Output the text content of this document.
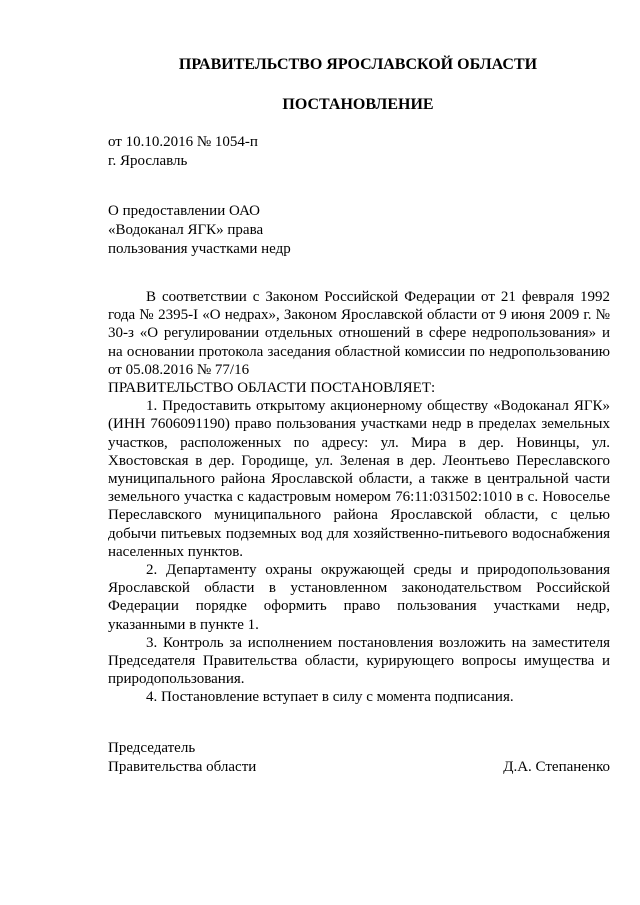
ПРАВИТЕЛЬСТВО ЯРОСЛАВСКОЙ ОБЛАСТИ
ПОСТАНОВЛЕНИЕ
от 10.10.2016 № 1054-п
г. Ярославль
О предоставлении ОАО
«Водоканал ЯГК» права
пользования участками недр

В соответствии с Законом Российской Федерации от 21 февраля 1992 года № 2395-I «О недрах», Законом Ярославской области от 9 июня 2009 г. № 30-з «О регулировании отдельных отношений в сфере недропользования» и на основании протокола заседания областной комиссии по недропользованию от 05.08.2016 № 77/16

ПРАВИТЕЛЬСТВО ОБЛАСТИ ПОСТАНОВЛЯЕТ:

1. Предоставить открытому акционерному обществу «Водоканал ЯГК» (ИНН 7606091190) право пользования участками недр в пределах земельных участков, расположенных по адресу: ул. Мира в дер. Новинцы, ул. Хвостовская в дер. Городище, ул. Зеленая в дер. Леонтьево Переславского муниципального района Ярославской области, а также в центральной части земельного участка с кадастровым номером 76:11:031502:1010 в с. Новоселье Переславского муниципального района Ярославской области, с целью добычи питьевых подземных вод для хозяйственно-питьевого водоснабжения населенных пунктов.

2. Департаменту охраны окружающей среды и природопользования Ярославской области в установленном законодательством Российской Федерации порядке оформить право пользования участками недр, указанными в пункте 1.

3. Контроль за исполнением постановления возложить на заместителя Председателя Правительства области, курирующего вопросы имущества и природопользования.

4. Постановление вступает в силу с момента подписания.

Председатель
Правительства области	Д.А. Степаненко
